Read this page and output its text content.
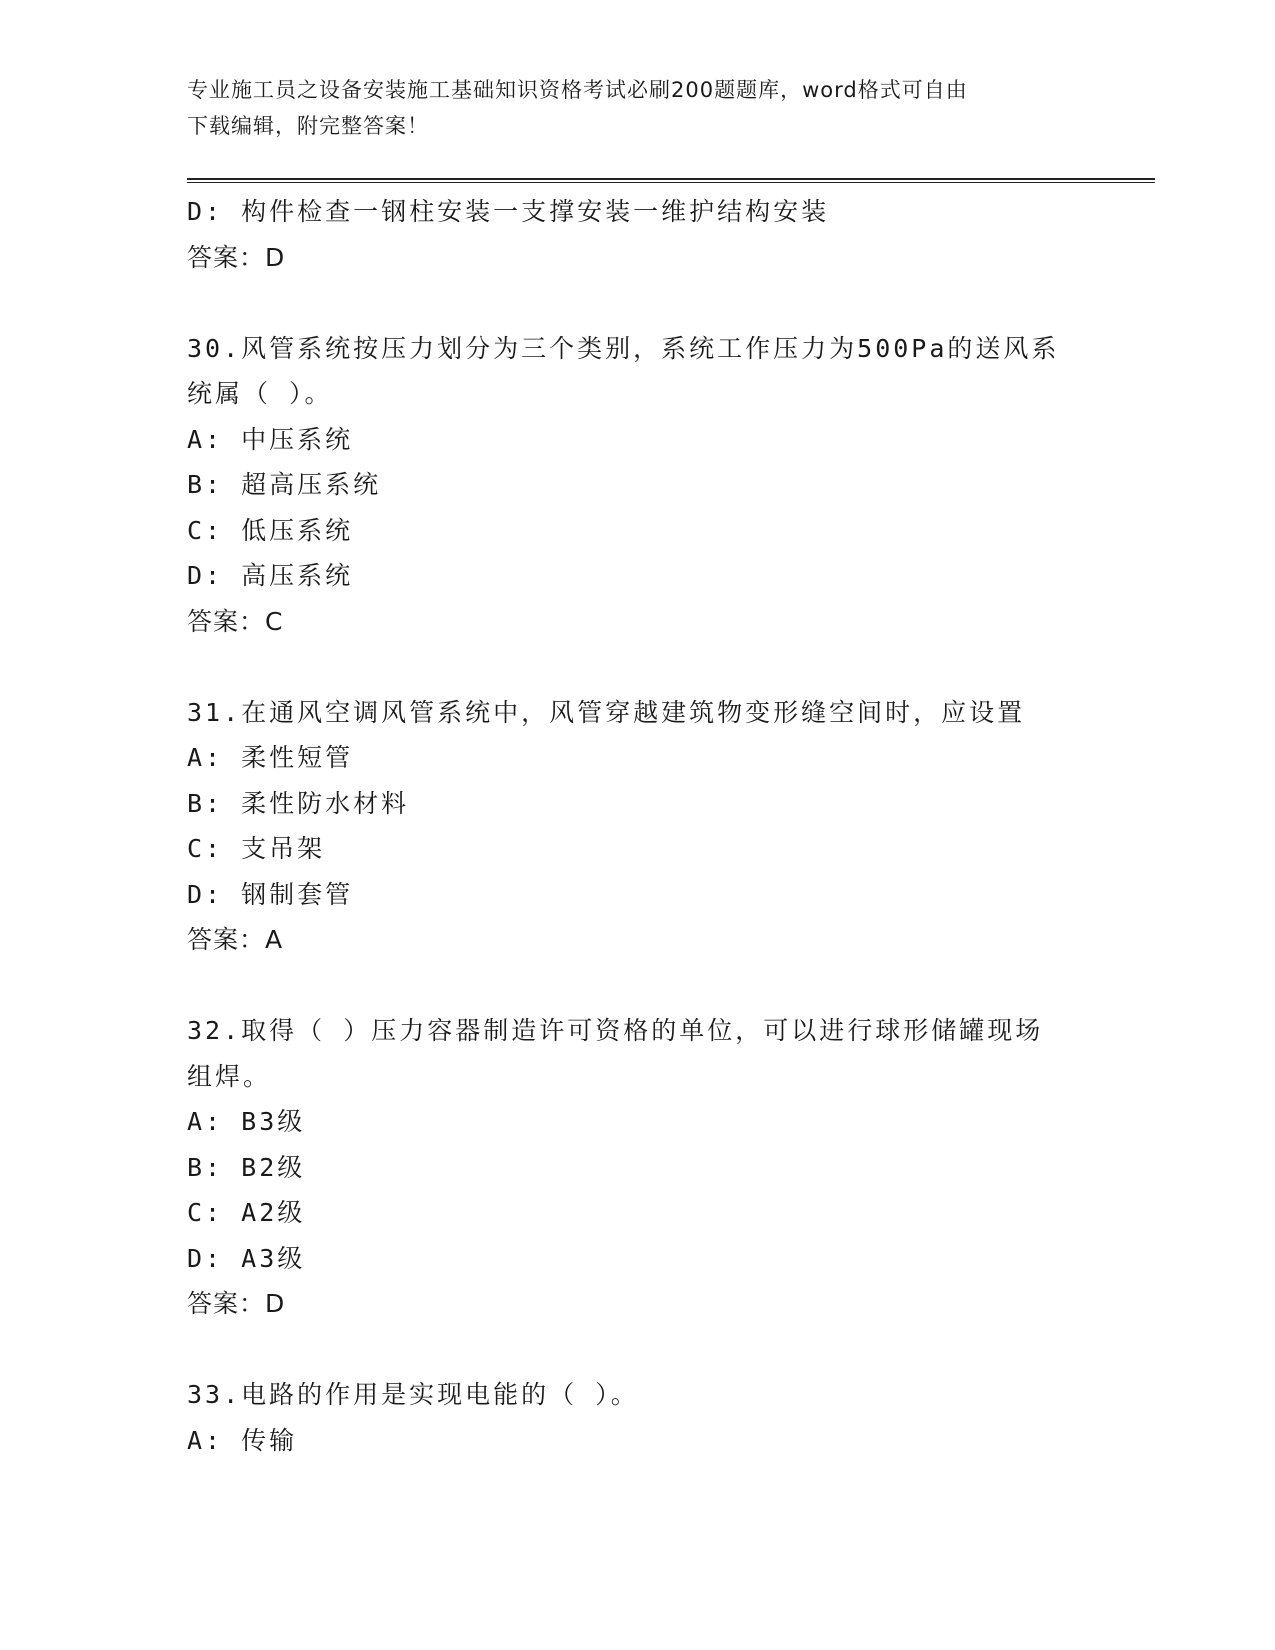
专业施工员之设备安装施工基础知识资格考试必刷200题题库，word格式可自由
下载编辑，附完整答案！
D: 构件检查一钢柱安装一支撑安装一维护结构安装
答案：D
30.风管系统按压力划分为三个类别，系统工作压力为500Pa的送风系
统属（ ）。
A: 中压系统
B: 超高压系统
C: 低压系统
D: 高压系统
答案：C
31.在通风空调风管系统中，风管穿越建筑物变形缝空间时，应设置
A: 柔性短管
B: 柔性防水材料
C: 支吊架
D: 钢制套管
答案：A
32.取得（ ）压力容器制造许可资格的单位，可以进行球形储罐现场
组焊。
A: B3级
B: B2级
C: A2级
D: A3级
答案：D
33.电路的作用是实现电能的（ ）。
A: 传输
